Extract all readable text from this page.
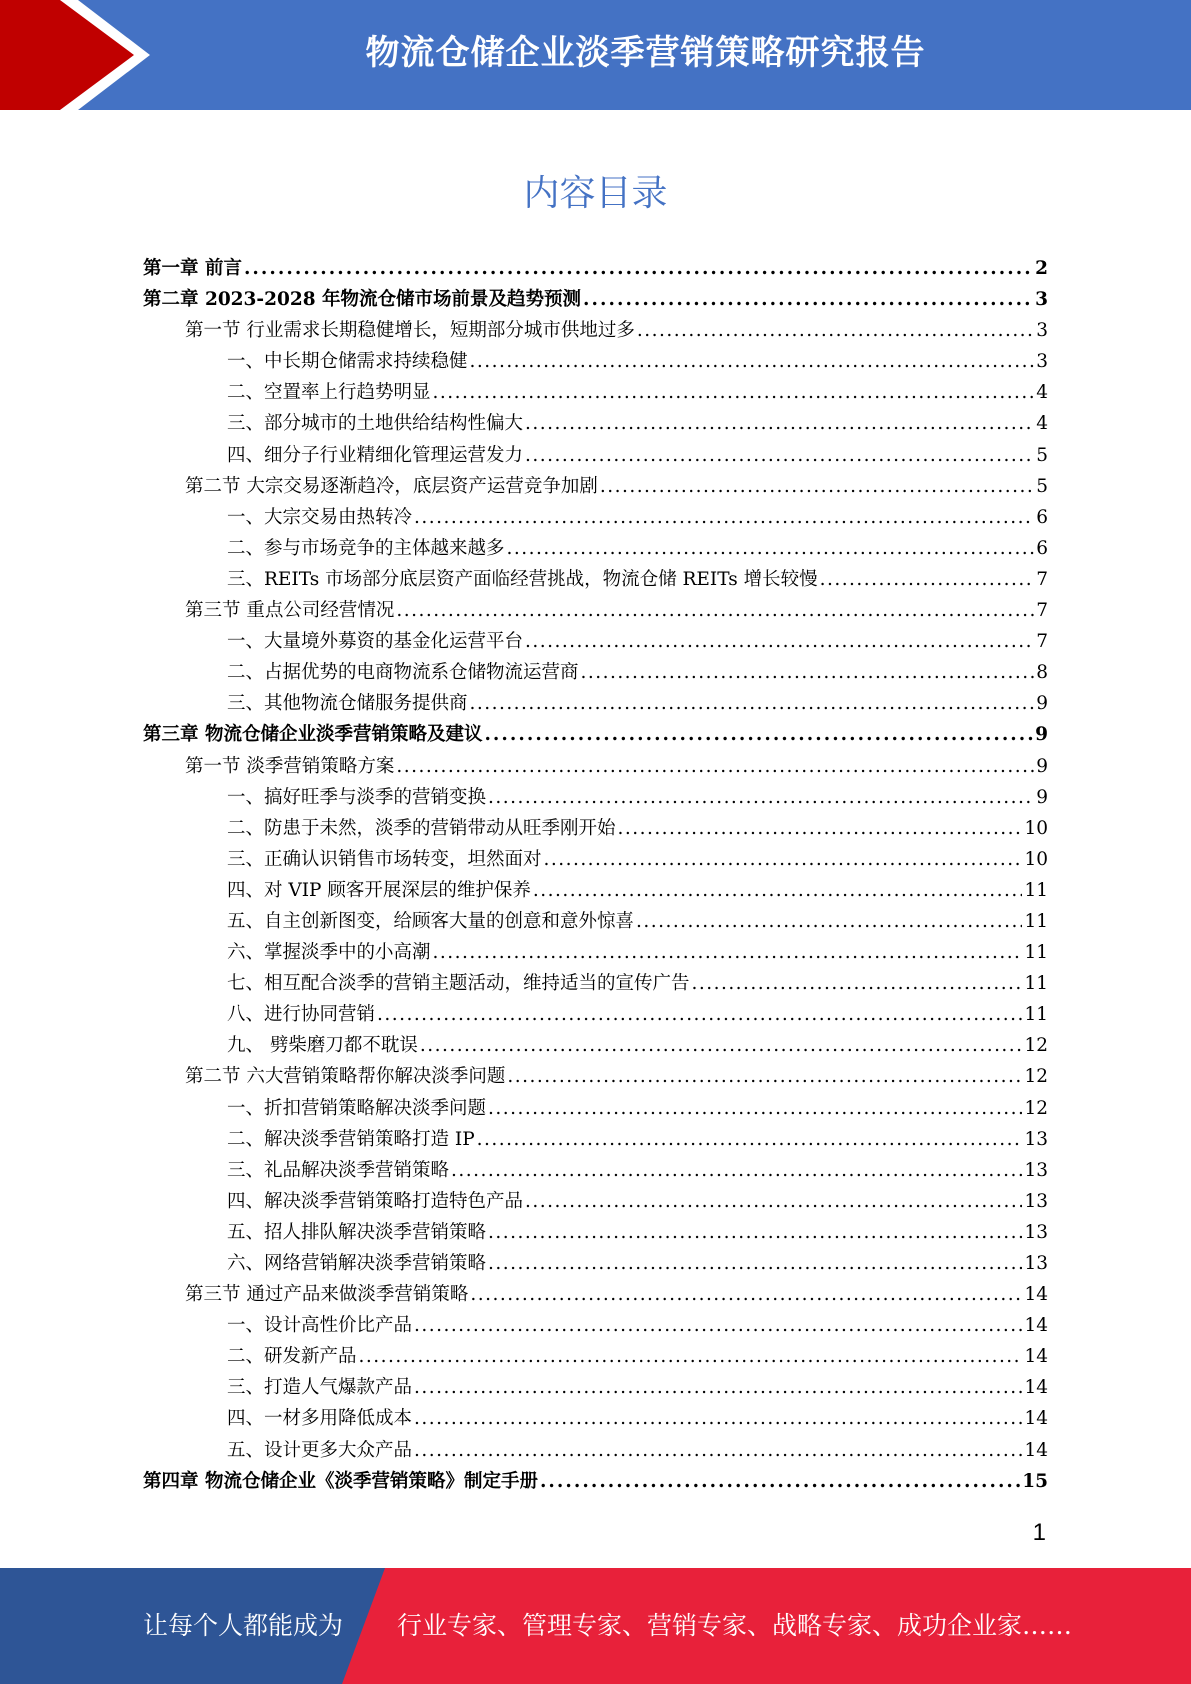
物流仓储企业淡季营销策略研究报告
内容目录
第一章 前言 . . .	2
第二章 2023-2028 年物流仓储市场前景及趋势预测 . . .	3
第一节 行业需求长期稳健增长，短期部分城市供地过多 . . .	3
一、中长期仓储需求持续稳健 . . .	3
二、空置率上行趋势明显 . . .	4
三、部分城市的土地供给结构性偏大 . . .	4
四、细分子行业精细化管理运营发力 . . .	5
第二节 大宗交易逐渐趋冷，底层资产运营竞争加剧 . . .	5
一、大宗交易由热转冷 . . .	6
二、参与市场竞争的主体越来越多 . . .	6
三、REITs 市场部分底层资产面临经营挑战，物流仓储 REITs 增长较慢 . . .	7
第三节 重点公司经营情况 . . .	7
一、大量境外募资的基金化运营平台 . . .	7
二、占据优势的电商物流系仓储物流运营商 . . .	8
三、其他物流仓储服务提供商 . . .	9
第三章 物流仓储企业淡季营销策略及建议 . . .	9
第一节 淡季营销策略方案 . . .	9
一、搞好旺季与淡季的营销变换 . . .	9
二、防患于未然，淡季的营销带动从旺季刚开始 . . .	10
三、正确认识销售市场转变，坦然面对 . . .	10
四、对 VIP 顾客开展深层的维护保养 . . .	11
五、自主创新图变，给顾客大量的创意和意外惊喜 . . .	11
六、掌握淡季中的小高潮 . . .	11
七、相互配合淡季的营销主题活动，维持适当的宣传广告 . . .	11
八、进行协同营销 . . .	11
九、 劈柴磨刀都不耽误 . . .	12
第二节 六大营销策略帮你解决淡季问题 . . .	12
一、折扣营销策略解决淡季问题 . . .	12
二、解决淡季营销策略打造 IP . . .	13
三、礼品解决淡季营销策略 . . .	13
四、解决淡季营销策略打造特色产品 . . .	13
五、招人排队解决淡季营销策略 . . .	13
六、网络营销解决淡季营销策略 . . .	13
第三节 通过产品来做淡季营销策略 . . .	14
一、设计高性价比产品 . . .	14
二、研发新产品 . . .	14
三、打造人气爆款产品 . . .	14
四、一材多用降低成本 . . .	14
五、设计更多大众产品 . . .	14
第四章 物流仓储企业《淡季营销策略》制定手册 . . .	15
1
让每个人都能成为	行业专家、管理专家、营销专家、战略专家、成功企业家……
